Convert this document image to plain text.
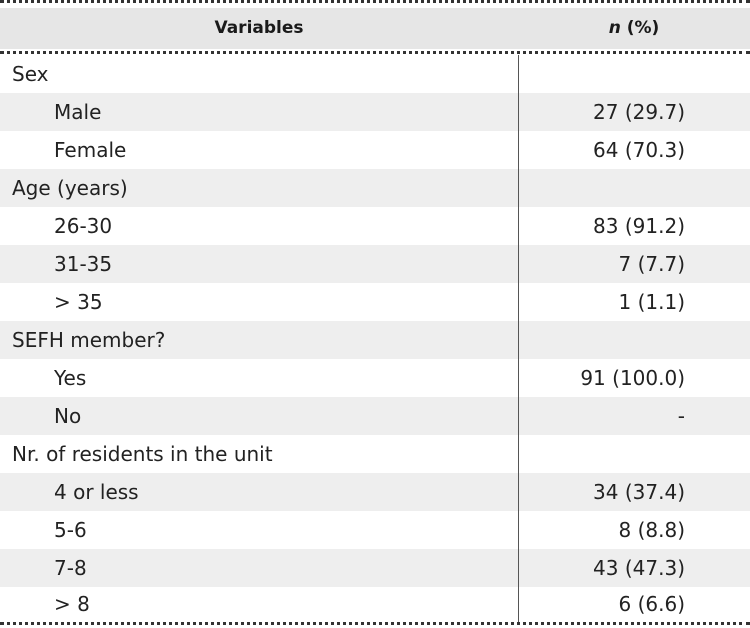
Variables	n (%)
Sex
Male	27 (29.7)
Female	64 (70.3)
Age (years)
26-30	83 (91.2)
31-35	7 (7.7)
> 35	1 (1.1)
SEFH member?
Yes	91 (100.0)
No	-
Nr. of residents in the unit
4 or less	34 (37.4)
5-6	8 (8.8)
7-8	43 (47.3)
> 8	6 (6.6)
